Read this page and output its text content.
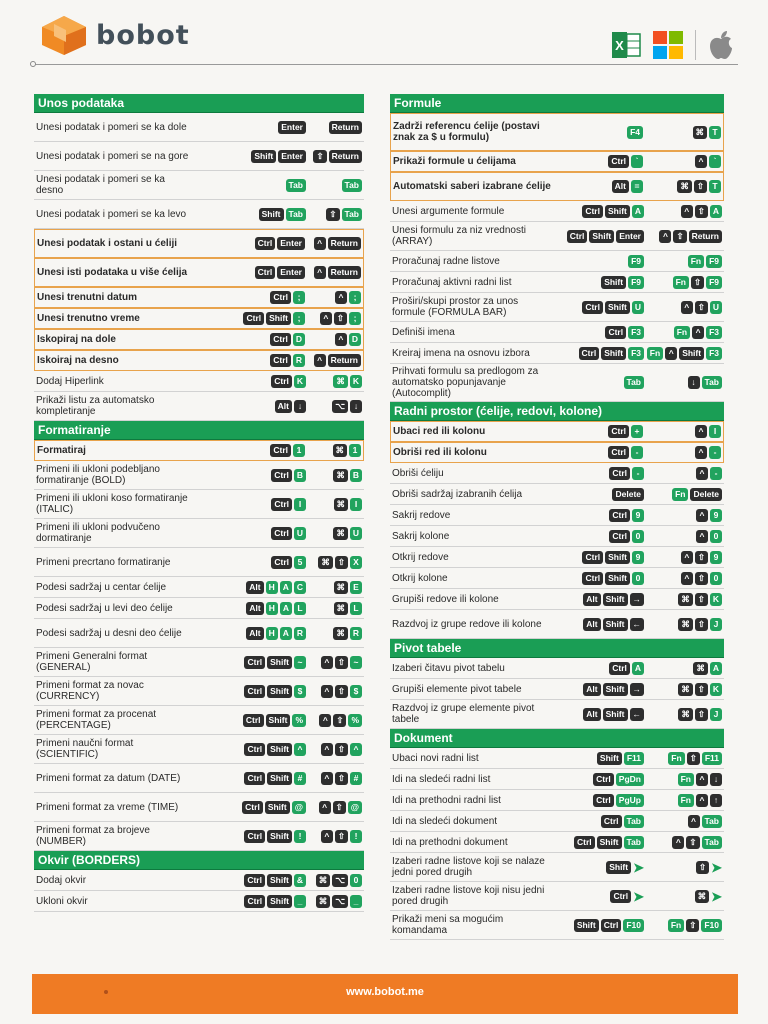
bobot	X
Unos podataka
Unesi podatak i pomeri se ka dole	Enter	Return
Unesi podatak i pomeri se na gore	Shift Enter	⇧ Return
Unesi podatak i pomeri se ka desno
Tab	Tab
Unesi podatak i pomeri se ka levo	Shift Tab	⇧ Tab
Unesi podatak i ostani u ćeliji	Ctrl Enter	^	Return
Unesi isti podataka u više ćelija	Ctrl Enter	^	Return
Unesi trenutni datum	Ctrl	;	^	;
Unesi trenutno vreme	Ctrl Shift	;	^	⇧	;
Iskopiraj na dole	Ctrl D	^	D
Iskoiraj na desno	Ctrl R	^	Return
Dodaj Hiperlink	Ctrl K	⌘ K
Prikaži listu za automatsko kompletiranje
Alt	↓	⌥	↓
Formatiranje
Formatiraj	Ctrl	1	⌘	1
Primeni ili ukloni podebljano formatiranje (BOLD)
Ctrl B	⌘ B
Primeni ili ukloni koso formatiranje (ITALIC)
Ctrl	I	⌘	I
Primeni ili ukloni podvučeno dormatiranje
Ctrl U	⌘ U
Primeni precrtano formatiranje	Ctrl	5	⌘ ⇧ X
Podesi sadržaj u centar ćelije	Alt H A C	⌘ E
Podesi sadržaj u levi deo ćelije	Alt H A L	⌘ L
Podesi sadržaj u desni deo ćelije	Alt H A R	⌘ R
Primeni Generalni format (GENERAL)
Ctrl Shift	~	^	⇧	~
Primeni format za novac (CURRENCY)
Ctrl Shift	$	^	⇧	$
Primeni format za procenat (PERCENTAGE)
Ctrl Shift %	^	⇧ %
Primeni naučni format (SCIENTIFIC)
Ctrl Shift	^	^	⇧	^
Primeni format za datum (DATE)	Ctrl Shift	#	^	⇧	#
Primeni format za vreme (TIME)	Ctrl Shift @	^	⇧ @
Primeni format za brojeve (NUMBER)
Ctrl Shift	!	^	⇧	!
Okvir (BORDERS)
Dodaj okvir	Ctrl Shift &	⌘ ⌥	0
Ukloni okvir	Ctrl Shift	_	⌘ ⌥	_
Formule
Zadrži referencu ćelije (postavi znak za $ u formulu)
F4	⌘ T
Prikaži formule u ćelijama	Ctrl	`	^	`
Automatski saberi izabrane ćelije	Alt	=	⌘ ⇧ T
Unesi argumente formule	Ctrl Shift A	^	⇧ A
Unesi formulu za niz vrednosti (ARRAY)
Ctrl Shift Enter	^	⇧ Return
Proračunaj radne listove	F9	Fn F9
Proračunaj aktivni radni list	Shift F9	Fn ⇧ F9
Proširi/skupi prostor za unos formule (FORMULA BAR)
Ctrl Shift U	^	⇧ U
Definiši imena	Ctrl F3	Fn	^	F3
Kreiraj imena na osnovu izbora	Ctrl Shift F3	Fn	^	Shift F3
Prihvati formulu sa predlogom za automatsko popunjavanje (Autocomplit)
Tab	↓	Tab
Radni prostor (ćelije, redovi, kolone)
Ubaci red ili kolonu	Ctrl	+	^	I
Obriši red ili kolonu	Ctrl	-	^	-
Obriši ćeliju	Ctrl	-	^	-
Obriši sadržaj izabranih ćelija	Delete	Fn Delete
Sakrij redove	Ctrl	9	^	9
Sakrij kolone	Ctrl	0	^	0
Otkrij redove	Ctrl Shift	9	^	⇧	9
Otkrij kolone	Ctrl Shift	0	^	⇧	0
Grupiši redove ili kolone	Alt Shift →	⌘ ⇧ K
Razdvoj iz grupe redove ili kolone	Alt Shift ←	⌘ ⇧	J
Pivot tabele
Izaberi čitavu pivot tabelu	Ctrl A	⌘ A
Grupiši elemente pivot tabele	Alt Shift →	⌘ ⇧ K
Razdvoj iz grupe elemente pivot tabele
Alt Shift ←	⌘ ⇧	J
Dokument
Ubaci novi radni list	Shift F11	Fn ⇧ F11
Idi na sledeći radni list	Ctrl PgDn	Fn	^	↓
Idi na prethodni radni list	Ctrl PgUp	Fn	^	↑
Idi na sledeći dokument	Ctrl Tab	^	Tab
Idi na prethodni dokument	Ctrl Shift Tab	^	⇧ Tab
Izaberi radne listove koji se nalaze jedni pored drugih
Shift ➤	⇧ ➤
Izaberi radne listove koji nisu jedni pored drugih
Ctrl ➤	⌘ ➤
Prikaži meni sa mogućim komandama
Shift Ctrl F10	Fn ⇧ F10
www.bobot.me
